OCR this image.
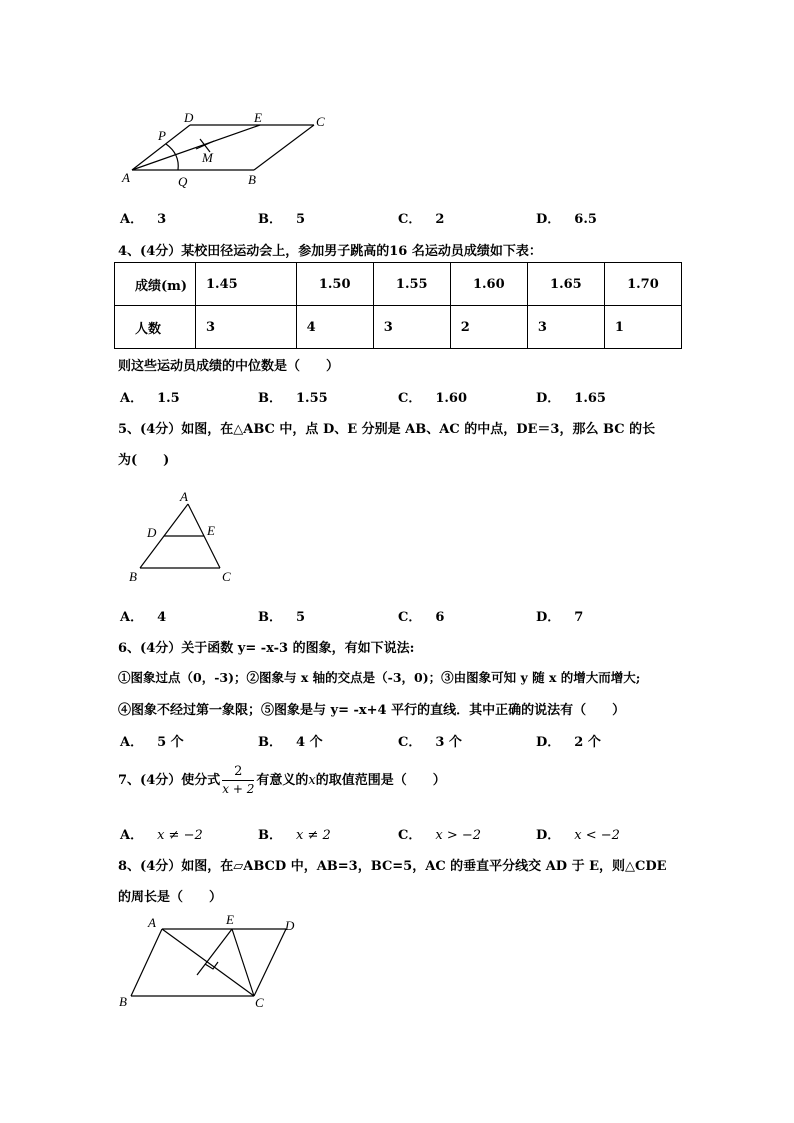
D	E	C
P
M
A	Q	B
A． 3	B． 5	C． 2	D． 6.5
4、(4分）某校田径运动会上，参加男子跳高的16 名运动员成绩如下表：
成绩(m)	1.45	1.50	1.55	1.60	1.65	1.70
人数	3	4	3	2	3	1
则这些运动员成绩的中位数是（　　）
A． 1.5	B． 1.55	C． 1.60	D． 1.65
5、(4分）如图，在△ABC 中，点 D、E 分别是 AB、AC 的中点，DE＝3，那么 BC 的长
为(　　)
A
D	E
B	C
A． 4	B． 5	C． 6	D． 7
6、(4分）关于函数 y= -x-3 的图象，有如下说法:
①图象过点（0，-3)；②图象与 x 轴的交点是（-3，0)；③由图象可知 y 随 x 的增大而增大;
④图象不经过第一象限；⑤图象是与 y= -x+4 平行的直线．其中正确的说法有（　　）
A． 5 个	B． 4 个	C． 3 个	D． 2 个
7、(4分）使分式 $\frac{2}{x + 2}$ 有意义的x的取值范围是（　　）
A． x ≠ −2	B． x ≠ 2	C． x > −2	D． x < −2
8、(4分）如图，在▱ABCD 中，AB=3，BC=5，AC 的垂直平分线交 AD 于 E，则△CDE
的周长是（　　）
A	E	D
B	C
